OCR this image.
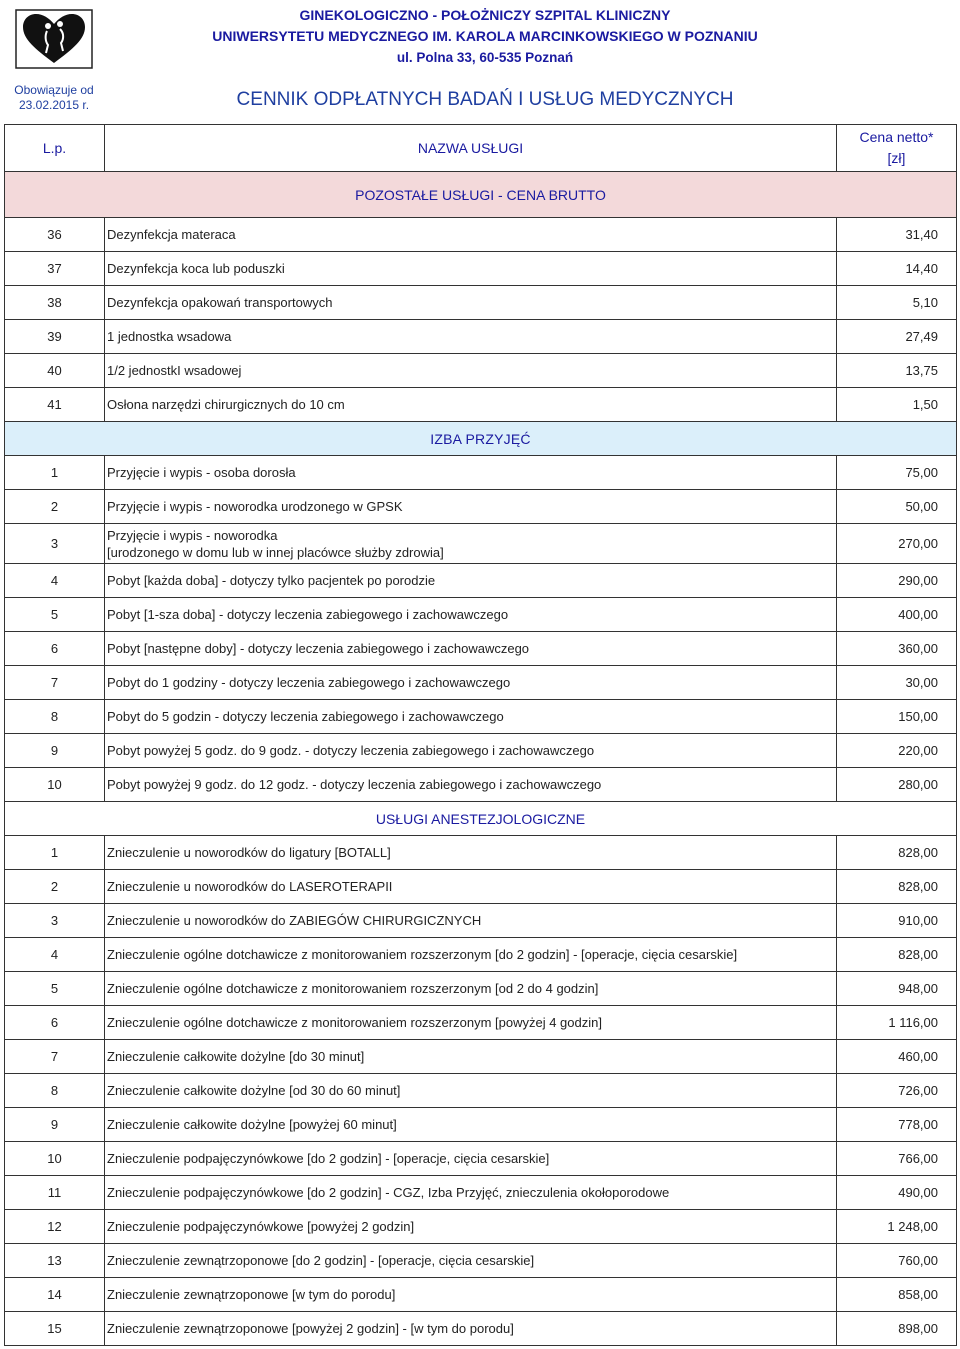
Obowiązuje od
23.02.2015 r.
GINEKOLOGICZNO - POŁOŻNICZY SZPITAL KLINICZNY
UNIWERSYTETU MEDYCZNEGO IM. KAROLA MARCINKOWSKIEGO W POZNANIU
ul. Polna 33, 60-535 Poznań
CENNIK ODPŁATNYCH BADAŃ I USŁUG MEDYCZNYCH
L.p.	NAZWA USŁUGI	Cena netto*
[zł]

POZOSTAŁE USŁUGI - CENA BRUTTO		
36	Dezynfekcja materaca	31,40
37	Dezynfekcja koca lub poduszki	14,40
38	Dezynfekcja opakowań transportowych	5,10
39	1 jednostka wsadowa	27,49
40	1/2 jednostkI wsadowej	13,75
41	Osłona narzędzi chirurgicznych do 10 cm	1,50
IZBA PRZYJĘĆ		
1	Przyjęcie i wypis - osoba dorosła	75,00
2	Przyjęcie i wypis - noworodka urodzonego w GPSK	50,00
3	Przyjęcie i wypis - noworodka
[urodzonego w domu lub w innej placówce służby zdrowia]	270,00
4	Pobyt [każda doba] - dotyczy tylko pacjentek po porodzie	290,00
5	Pobyt [1-sza doba] - dotyczy leczenia zabiegowego i zachowawczego	400,00
6	Pobyt [następne doby] - dotyczy leczenia zabiegowego i zachowawczego	360,00
7	Pobyt do 1 godziny - dotyczy leczenia zabiegowego i zachowawczego	30,00
8	Pobyt do 5 godzin - dotyczy leczenia zabiegowego i zachowawczego	150,00
9	Pobyt powyżej 5 godz. do 9 godz. - dotyczy leczenia zabiegowego i zachowawczego	220,00
10	Pobyt powyżej 9 godz. do 12 godz. - dotyczy leczenia zabiegowego i zachowawczego	280,00
USŁUGI ANESTEZJOLOGICZNE		
1	Znieczulenie u noworodków do ligatury [BOTALL]	828,00
2	Znieczulenie u noworodków do LASEROTERAPII	828,00
3	Znieczulenie u noworodków do ZABIEGÓW CHIRURGICZNYCH	910,00
4	Znieczulenie ogólne dotchawicze z monitorowaniem rozszerzonym [do 2 godzin] - [operacje, cięcia cesarskie]	828,00
5	Znieczulenie ogólne dotchawicze z monitorowaniem rozszerzonym [od 2 do 4 godzin]	948,00
6	Znieczulenie ogólne dotchawicze z monitorowaniem rozszerzonym [powyżej 4 godzin]	1 116,00
7	Znieczulenie całkowite dożylne [do 30 minut]	460,00
8	Znieczulenie całkowite dożylne [od 30 do 60 minut]	726,00
9	Znieczulenie całkowite dożylne [powyżej 60 minut]	778,00
10	Znieczulenie podpajęczynówkowe [do 2 godzin] - [operacje, cięcia cesarskie]	766,00
11	Znieczulenie podpajęczynówkowe [do 2 godzin] - CGZ, Izba Przyjęć, znieczulenia okołoporodowe	490,00
12	Znieczulenie podpajęczynówkowe [powyżej 2 godzin]	1 248,00
13	Znieczulenie zewnątrzoponowe [do 2 godzin] - [operacje, cięcia cesarskie]	760,00
14	Znieczulenie zewnątrzoponowe [w tym do porodu]	858,00
15	Znieczulenie zewnątrzoponowe [powyżej 2 godzin] - [w tym do porodu]	898,00
